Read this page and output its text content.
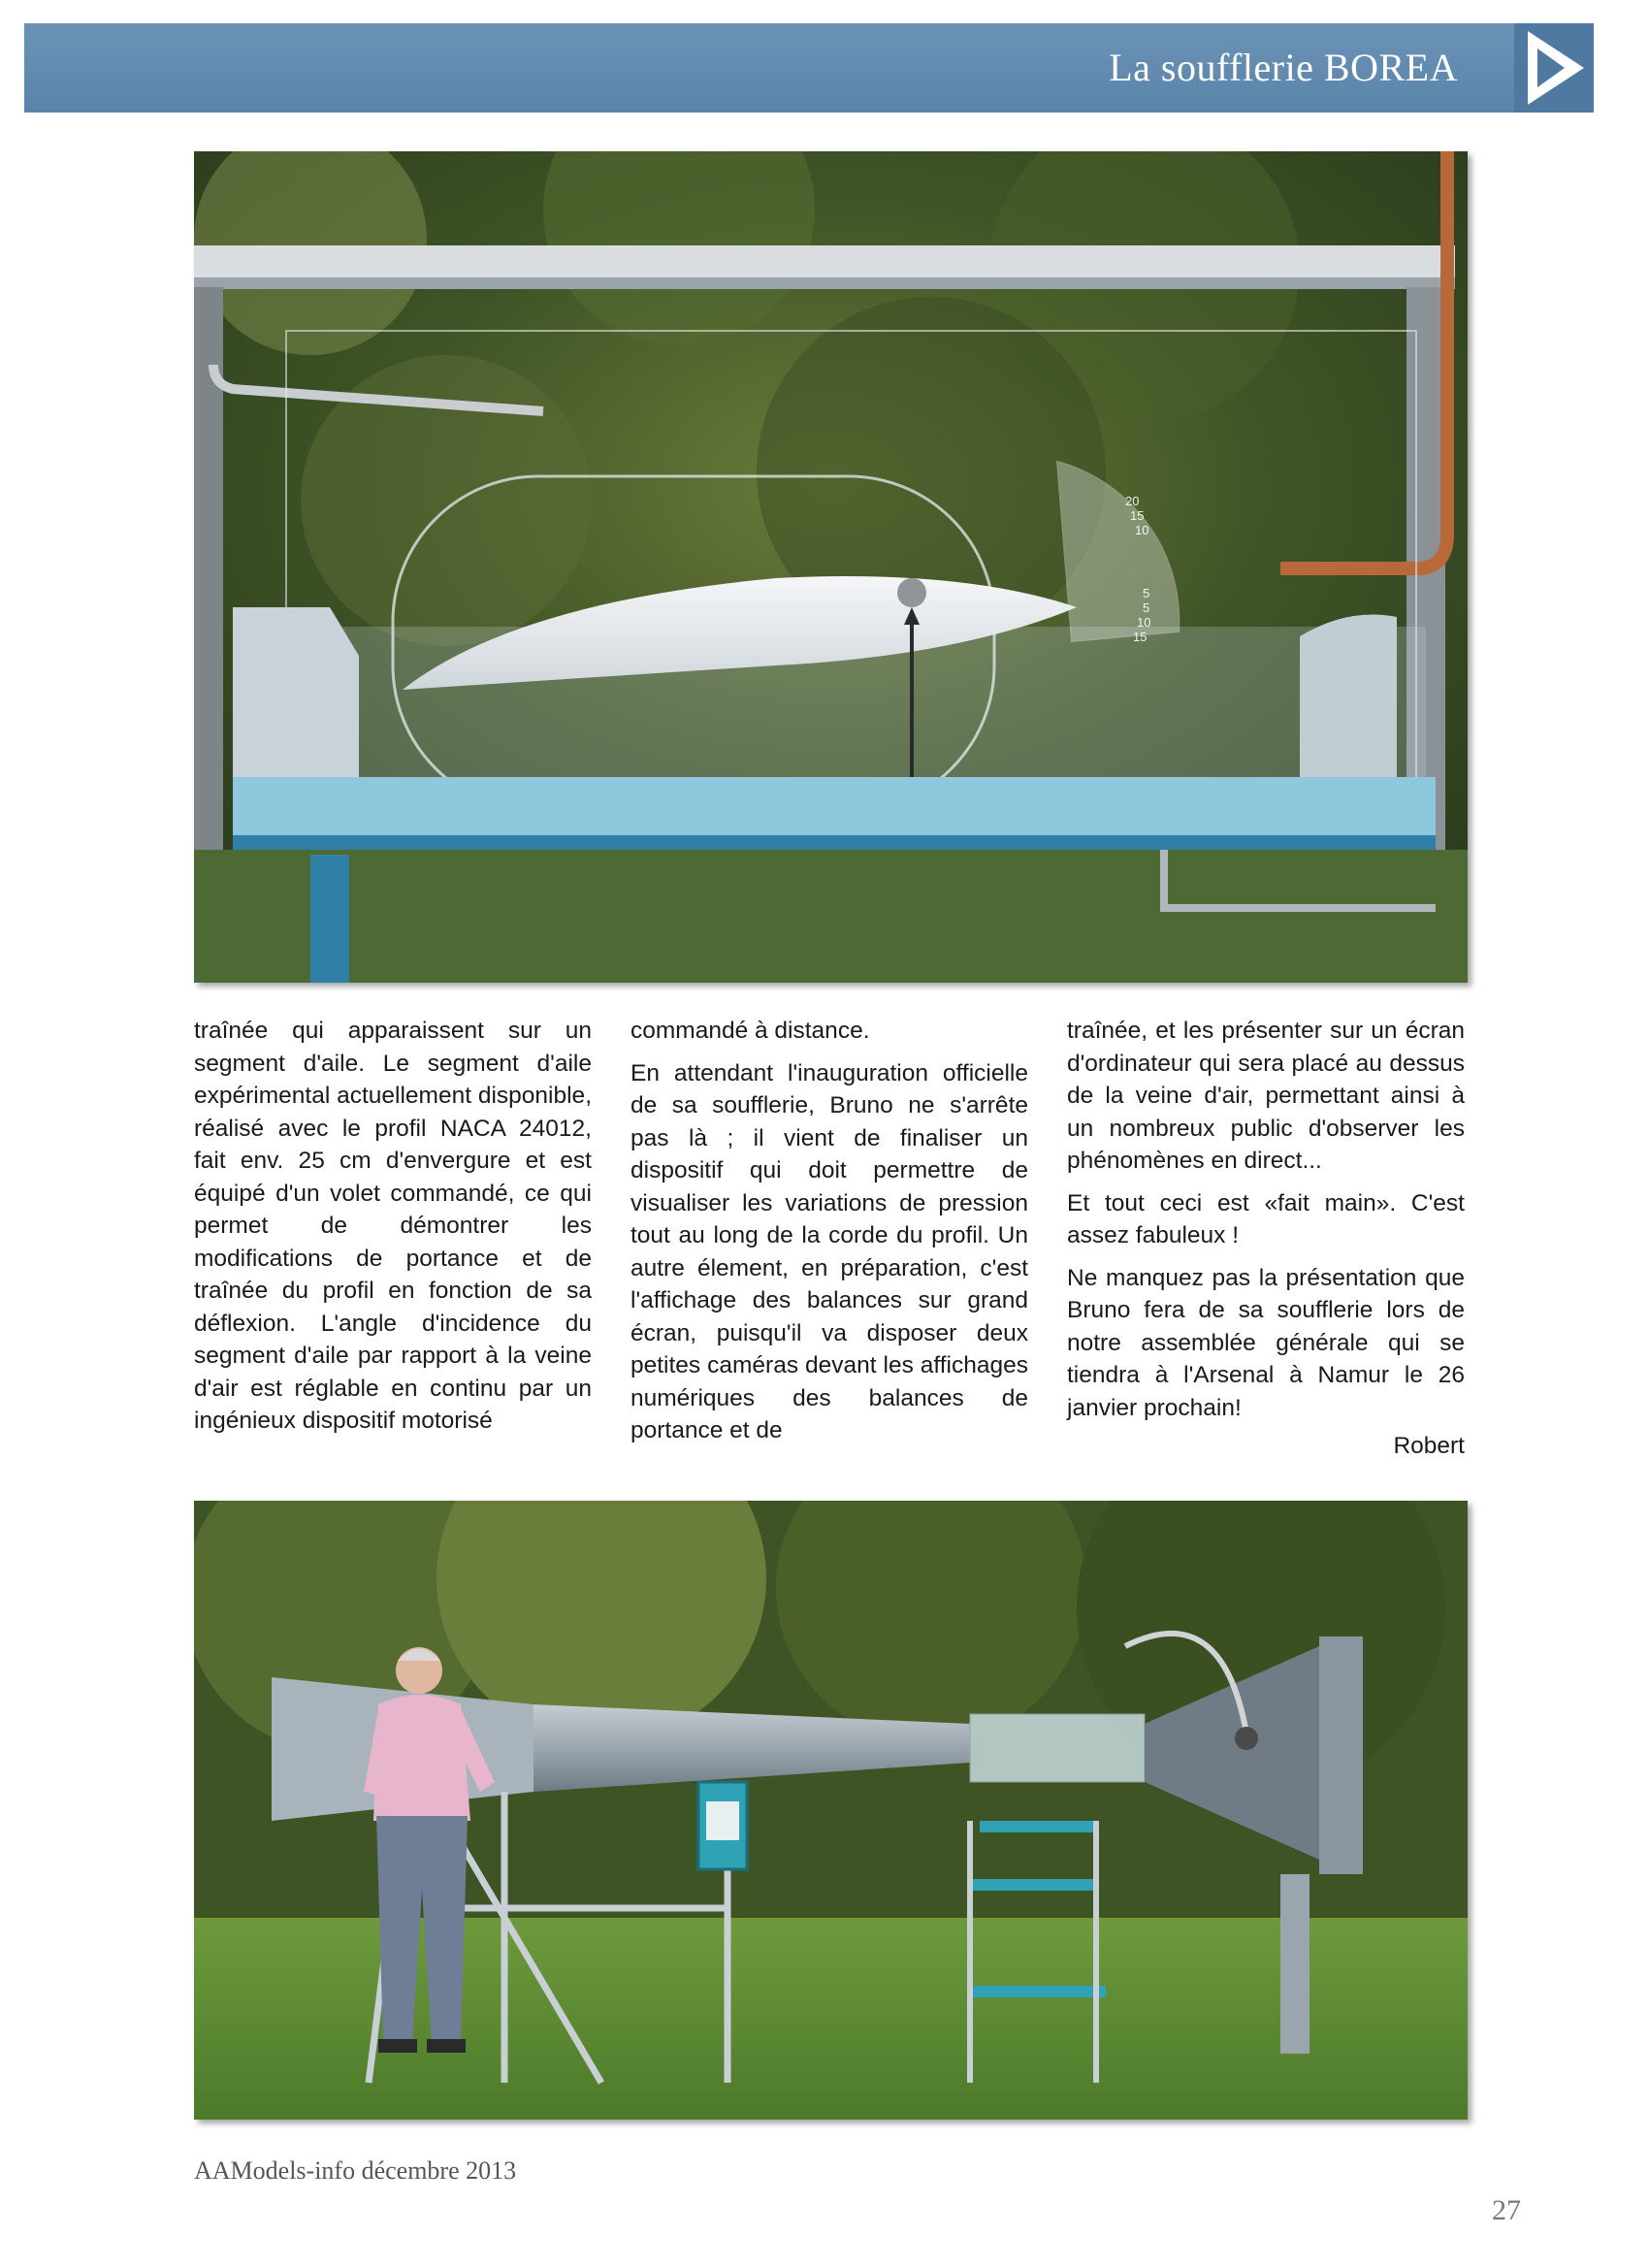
La soufflerie BOREA
20
15
10
5
5
10
15

traînée qui apparaissent sur un segment d'aile. Le segment d'aile expérimental actuellement disponible, réalisé avec le profil NACA 24012, fait env. 25 cm d'envergure et est équipé d'un volet commandé, ce qui permet de démontrer les modifications de portance et de traînée du profil en fonction de sa déflexion. L'angle d'incidence du segment d'aile par rapport à la veine d'air est réglable en continu par un ingénieux dispositif motorisé

commandé à distance.

En attendant l'inauguration officielle de sa soufflerie, Bruno ne s'arrête pas là ; il vient de finaliser un dispositif qui doit permettre de visualiser les variations de pression tout au long de la corde du profil. Un autre élement, en préparation, c'est l'affichage des balances sur grand écran, puisqu'il va disposer deux petites caméras devant les affichages numériques des balances de portance et de

traînée, et les présenter sur un écran d'ordinateur qui sera placé au dessus de la veine d'air, permettant ainsi à un nombreux public d'observer les phénomènes en direct...

Et tout ceci est «fait main». C'est assez fabuleux !

Ne manquez pas la présentation que Bruno fera de sa soufflerie lors de notre assemblée générale qui se tiendra à l'Arsenal à Namur le 26 janvier prochain!

Robert
AAModels-info décembre 2013
27
